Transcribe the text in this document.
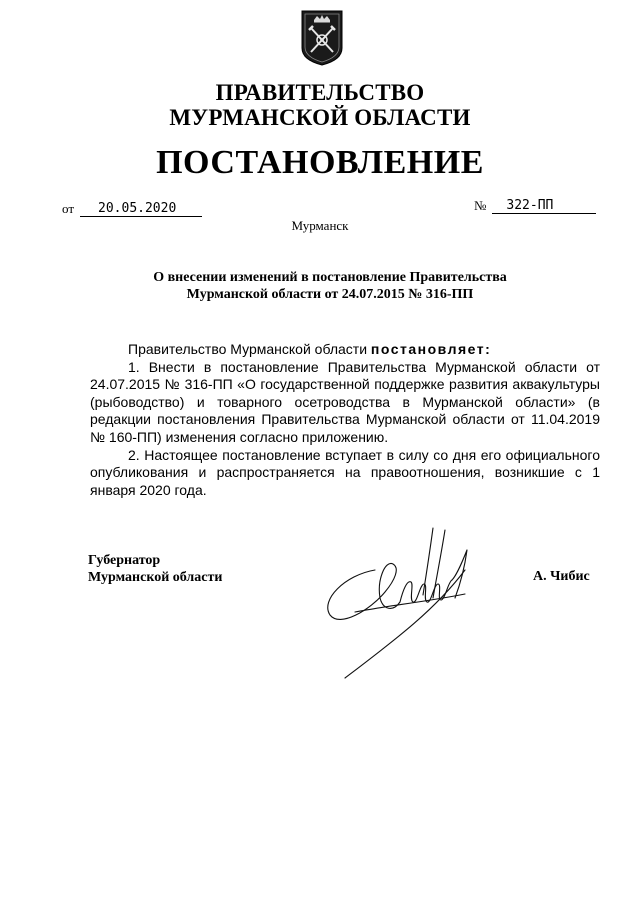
ПРАВИТЕЛЬСТВО
МУРМАНСКОЙ ОБЛАСТИ
ПОСТАНОВЛЕНИЕ
от	20.05.2020	№	322-ПП
Мурманск
О внесении изменений в постановление Правительства
Мурманской области от 24.07.2015 № 316-ПП

Правительство Мурманской области постановляет:

1. Внести в постановление Правительства Мурманской области от 24.07.2015 № 316-ПП «О государственной поддержке развития аквакультуры (рыбоводство) и товарного осетроводства в Мурманской области» (в редакции постановления Правительства Мурманской области от 11.04.2019 № 160-ПП) изменения согласно приложению.

2. Настоящее постановление вступает в силу со дня его официального опубликования и распространяется на правоотношения, возникшие с 1 января 2020 года.

Губернатор
Мурманской области	А. Чибис
